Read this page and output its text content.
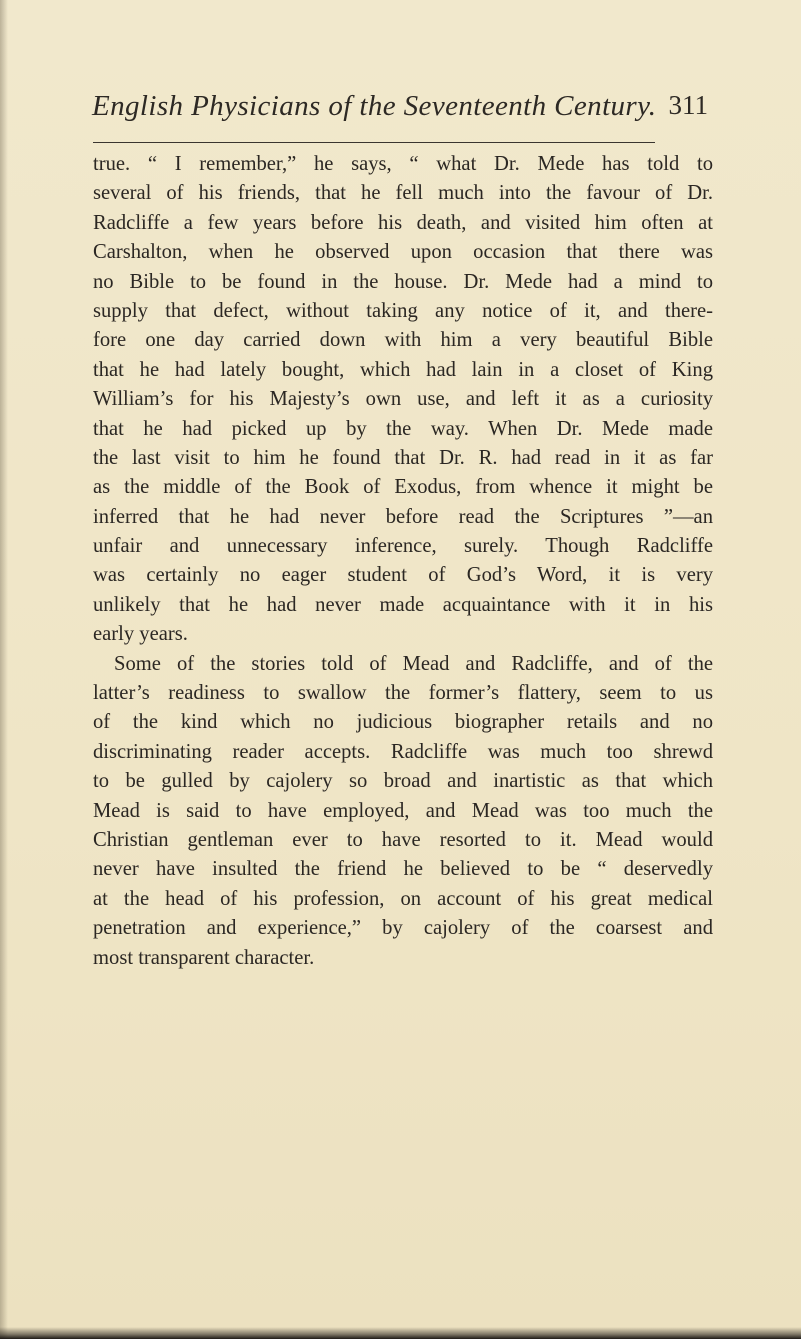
English Physicians of the Seventeenth Century. 311
true. “ I remember,” he says, “ what Dr. Mede has told to
several of his friends, that he fell much into the favour of Dr.
Radcliffe a few years before his death, and visited him often at
Carshalton, when he observed upon occasion that there was
no Bible to be found in the house. Dr. Mede had a mind to
supply that defect, without taking any notice of it, and there-
fore one day carried down with him a very beautiful Bible
that he had lately bought, which had lain in a closet of King
William’s for his Majesty’s own use, and left it as a curiosity
that he had picked up by the way. When Dr. Mede made
the last visit to him he found that Dr. R. had read in it as far
as the middle of the Book of Exodus, from whence it might be
inferred that he had never before read the Scriptures ”—an
unfair and unnecessary inference, surely. Though Radcliffe
was certainly no eager student of God’s Word, it is very
unlikely that he had never made acquaintance with it in his
early years.
Some of the stories told of Mead and Radcliffe, and of the
latter’s readiness to swallow the former’s flattery, seem to us
of the kind which no judicious biographer retails and no
discriminating reader accepts. Radcliffe was much too shrewd
to be gulled by cajolery so broad and inartistic as that which
Mead is said to have employed, and Mead was too much the
Christian gentleman ever to have resorted to it. Mead would
never have insulted the friend he believed to be “ deservedly
at the head of his profession, on account of his great medical
penetration and experience,” by cajolery of the coarsest and
most transparent character.
